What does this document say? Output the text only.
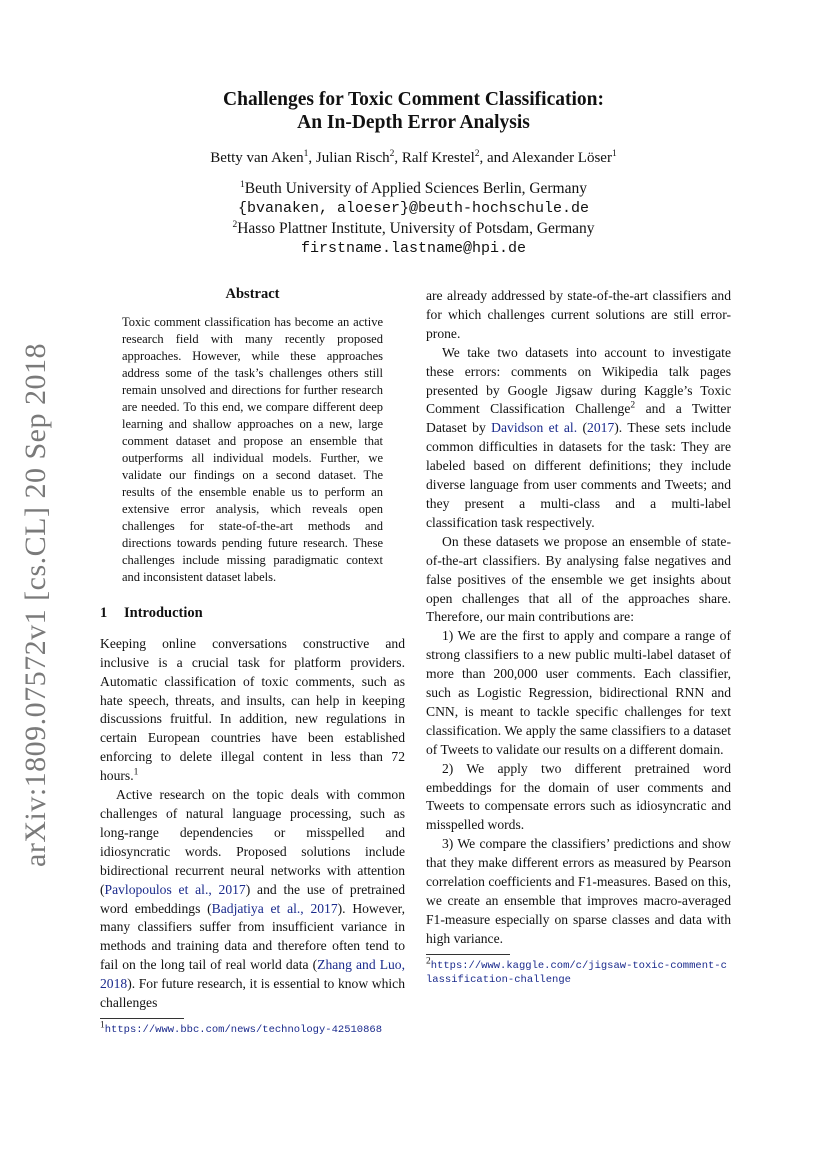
arXiv:1809.07572v1 [cs.CL] 20 Sep 2018

Challenges for Toxic Comment Classification:
An In-Depth Error Analysis

Betty van Aken$^1$, Julian Risch$^2$, Ralf Krestel$^2$, and Alexander Löser$^1$
$^1$Beuth University of Applied Sciences Berlin, Germany
{bvanaken, aloeser}@beuth-hochschule.de
$^2$Hasso Plattner Institute, University of Potsdam, Germany
firstname.lastname@hpi.de
Abstract

Toxic comment classification has become an active research field with many recently proposed approaches. However, while these approaches address some of the task’s challenges others still remain unsolved and directions for further research are needed. To this end, we compare different deep learning and shallow approaches on a new, large comment dataset and propose an ensemble that outperforms all individual models. Further, we validate our findings on a second dataset. The results of the ensemble enable us to perform an extensive error analysis, which reveals open challenges for state-of-the-art methods and directions towards pending future research. These challenges include missing paradigmatic context and inconsistent dataset labels.

1 Introduction

Keeping online conversations constructive and inclusive is a crucial task for platform providers. Automatic classification of toxic comments, such as hate speech, threats, and insults, can help in keeping discussions fruitful. In addition, new regulations in certain European countries have been established enforcing to delete illegal content in less than 72 hours.$^1$

Active research on the topic deals with common challenges of natural language processing, such as long-range dependencies or misspelled and idiosyncratic words. Proposed solutions include bidirectional recurrent neural networks with attention (Pavlopoulos et al., 2017) and the use of pretrained word embeddings (Badjatiya et al., 2017). However, many classifiers suffer from insufficient variance in methods and training data and therefore often tend to fail on the long tail of real world data (Zhang and Luo, 2018). For future research, it is essential to know which challenges

$^1$https://www.bbc.com/news/technology-42510868

are already addressed by state-of-the-art classifiers and for which challenges current solutions are still error-prone.

We take two datasets into account to investigate these errors: comments on Wikipedia talk pages presented by Google Jigsaw during Kaggle’s Toxic Comment Classification Challenge$^2$ and a Twitter Dataset by Davidson et al. (2017). These sets include common difficulties in datasets for the task: They are labeled based on different definitions; they include diverse language from user comments and Tweets; and they present a multi-class and a multi-label classification task respectively.

On these datasets we propose an ensemble of state-of-the-art classifiers. By analysing false negatives and false positives of the ensemble we get insights about open challenges that all of the approaches share. Therefore, our main contributions are:

1) We are the first to apply and compare a range of strong classifiers to a new public multi-label dataset of more than 200,000 user comments. Each classifier, such as Logistic Regression, bidirectional RNN and CNN, is meant to tackle specific challenges for text classification. We apply the same classifiers to a dataset of Tweets to validate our results on a different domain.

2) We apply two different pretrained word embeddings for the domain of user comments and Tweets to compensate errors such as idiosyncratic and misspelled words.

3) We compare the classifiers’ predictions and show that they make different errors as measured by Pearson correlation coefficients and F1-measures. Based on this, we create an ensemble that improves macro-averaged F1-measure especially on sparse classes and data with high variance.

$^2$https://www.kaggle.com/c/jigsaw-toxic-comment-classification-challenge
